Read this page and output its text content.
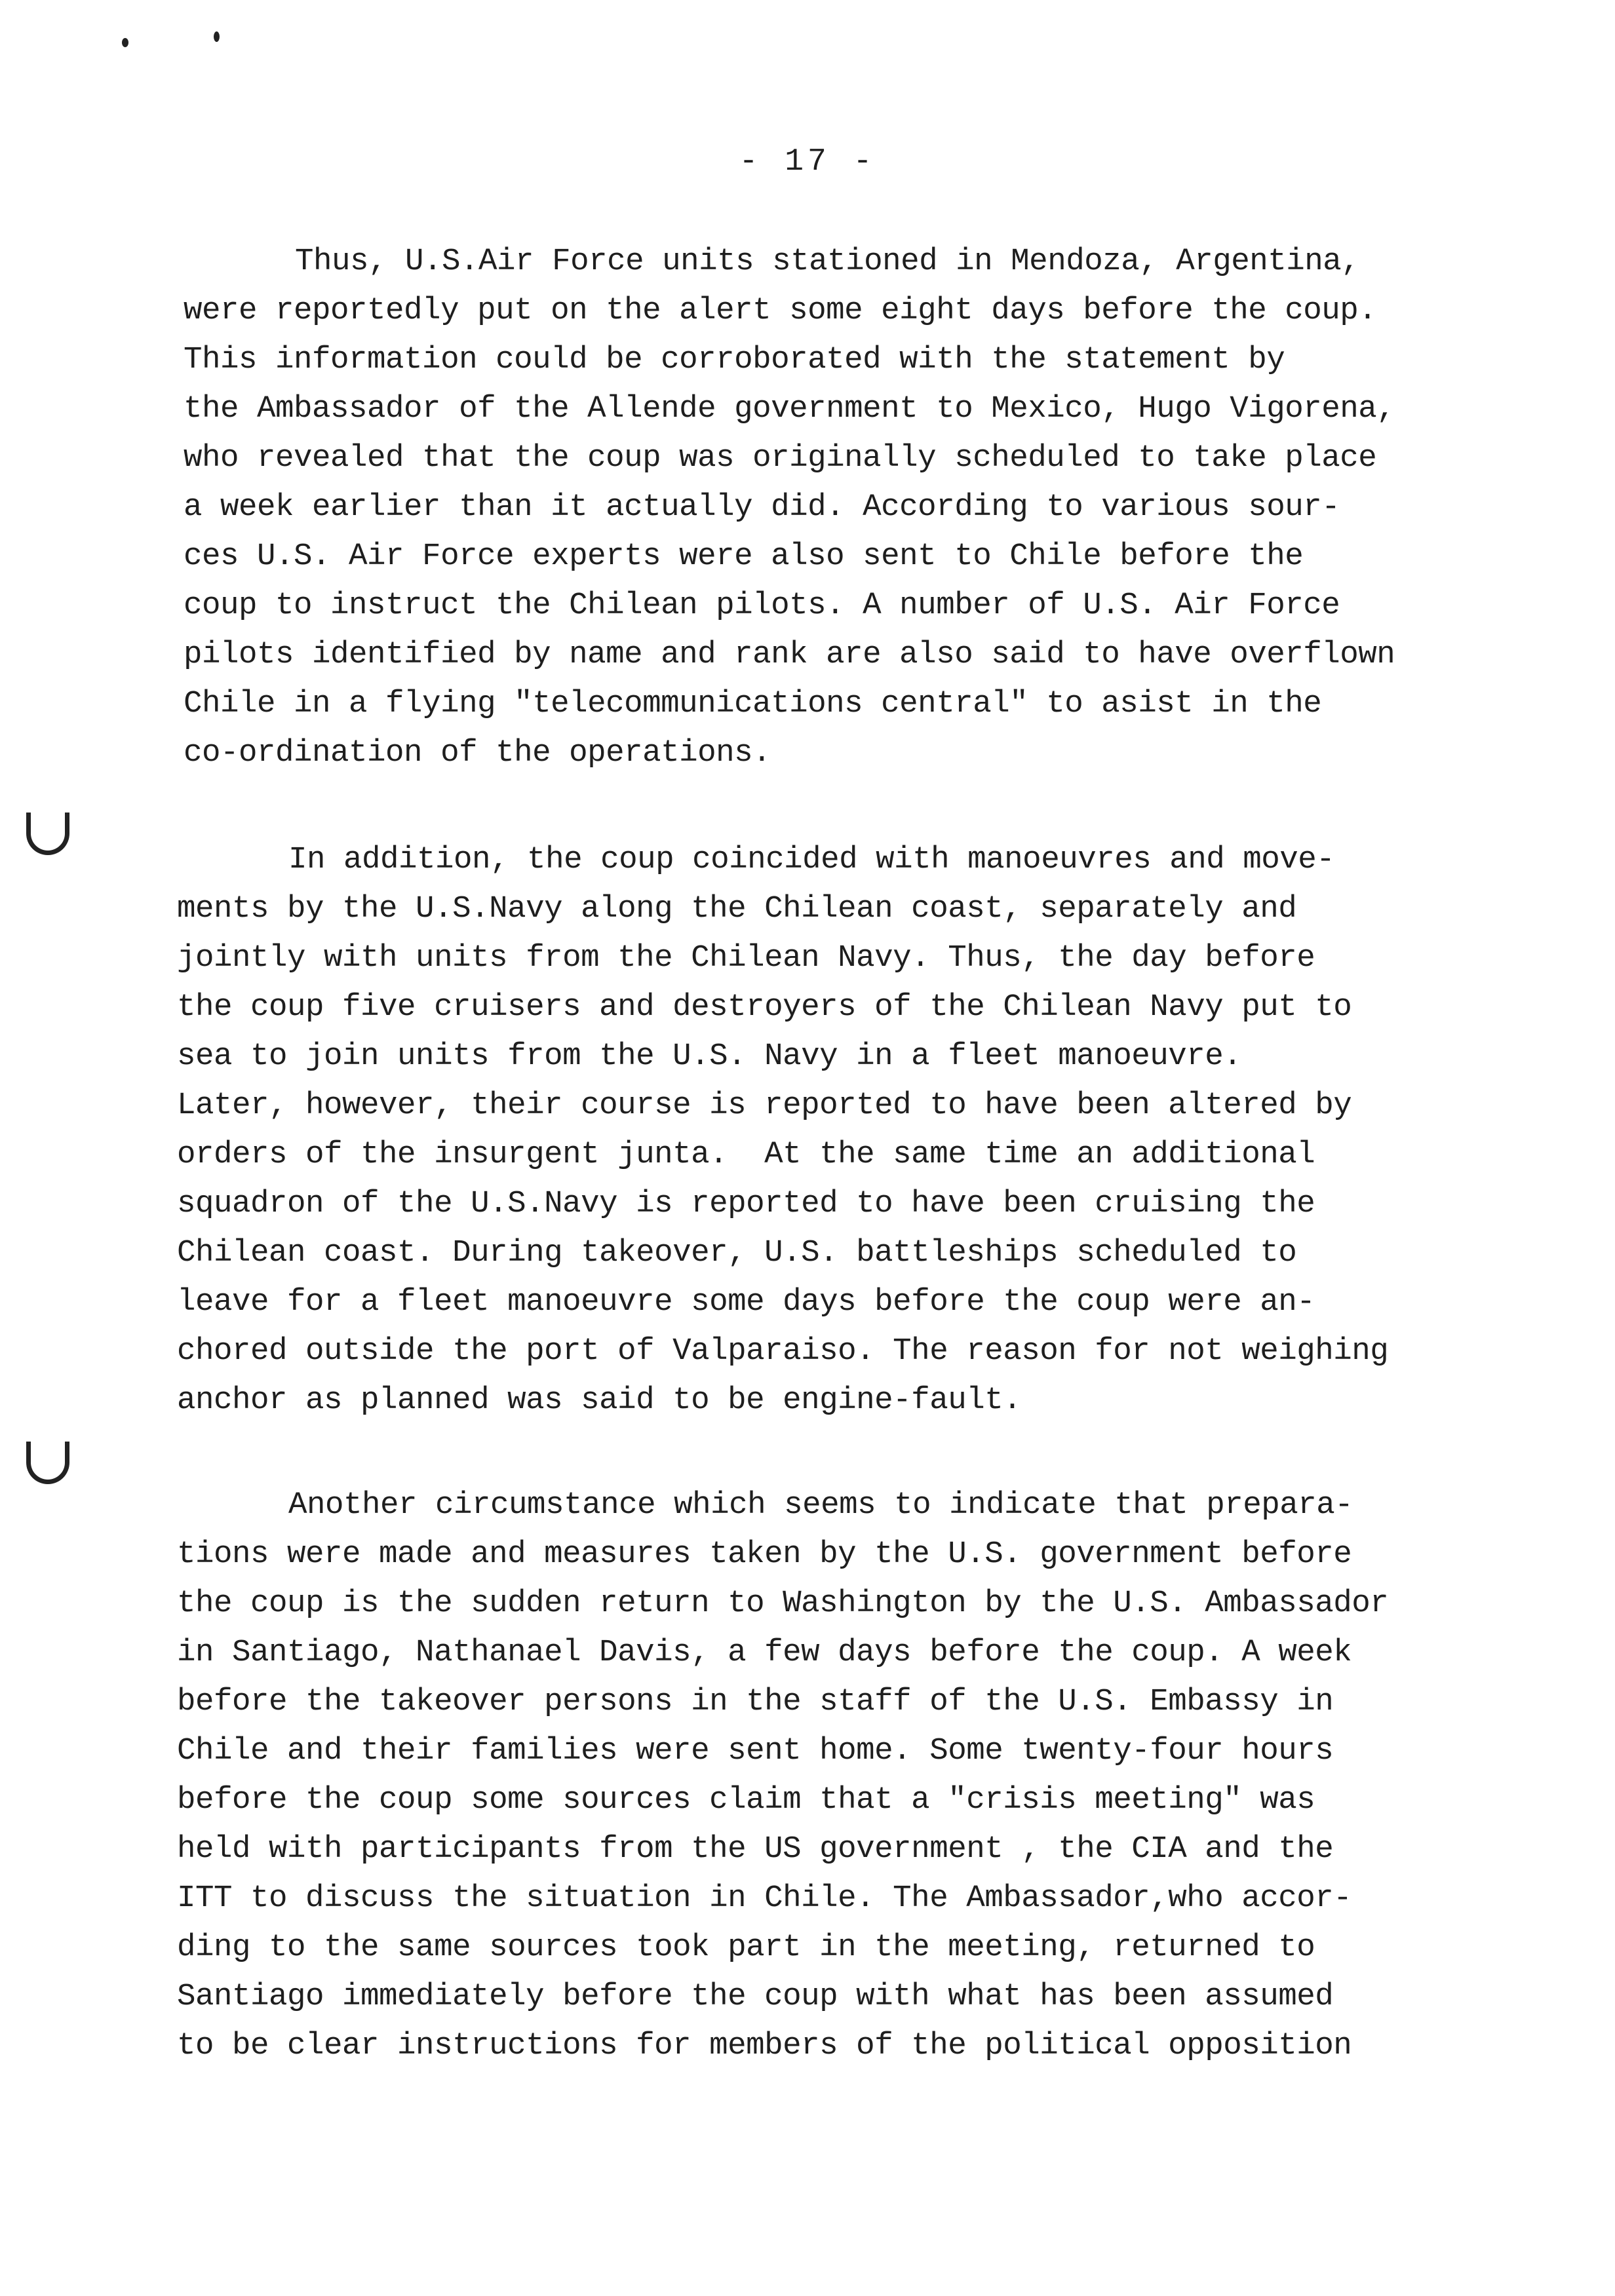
- 17 -
Thus, U.S.Air Force units stationed in Mendoza, Argentina,
were reportedly put on the alert some eight days before the coup.
This information could be corroborated with the statement by
the Ambassador of the Allende government to Mexico, Hugo Vigorena,
who revealed that the coup was originally scheduled to take place
a week earlier than it actually did. According to various sour-
ces U.S. Air Force experts were also sent to Chile before the
coup to instruct the Chilean pilots. A number of U.S. Air Force
pilots identified by name and rank are also said to have overflown
Chile in a flying "telecommunications central" to asist in the
co-ordination of the operations.
In addition, the coup coincided with manoeuvres and move-
ments by the U.S.Navy along the Chilean coast, separately and
jointly with units from the Chilean Navy. Thus, the day before
the coup five cruisers and destroyers of the Chilean Navy put to
sea to join units from the U.S. Navy in a fleet manoeuvre.
Later, however, their course is reported to have been altered by
orders of the insurgent junta.  At the same time an additional
squadron of the U.S.Navy is reported to have been cruising the
Chilean coast. During takeover, U.S. battleships scheduled to
leave for a fleet manoeuvre some days before the coup were an-
chored outside the port of Valparaiso. The reason for not weighing
anchor as planned was said to be engine-fault.
Another circumstance which seems to indicate that prepara-
tions were made and measures taken by the U.S. government before
the coup is the sudden return to Washington by the U.S. Ambassador
in Santiago, Nathanael Davis, a few days before the coup. A week
before the takeover persons in the staff of the U.S. Embassy in
Chile and their families were sent home. Some twenty-four hours
before the coup some sources claim that a "crisis meeting" was
held with participants from the US government , the CIA and the
ITT to discuss the situation in Chile. The Ambassador,who accor-
ding to the same sources took part in the meeting, returned to
Santiago immediately before the coup with what has been assumed
to be clear instructions for members of the political opposition
